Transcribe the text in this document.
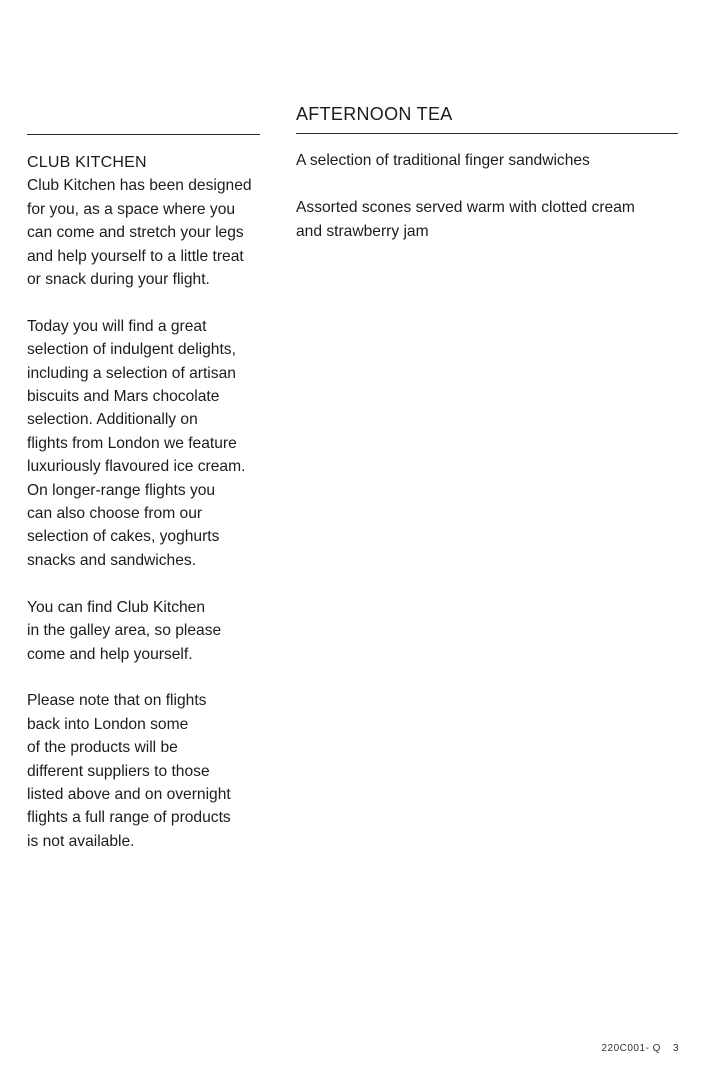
CLUB KITCHEN

Club Kitchen has been designed
for you, as a space where you
can come and stretch your legs
and help yourself to a little treat
or snack during your flight.

Today you will find a great
selection of indulgent delights,
including a selection of artisan
biscuits and Mars chocolate
selection. Additionally on
flights from London we feature
luxuriously flavoured ice cream.
On longer-range flights you
can also choose from our
selection of cakes, yoghurts
snacks and sandwiches.

You can find Club Kitchen
in the galley area, so please
come and help yourself.

Please note that on flights
back into London some
of the products will be
different suppliers to those
listed above and on overnight
flights a full range of products
is not available.

AFTERNOON TEA

A selection of traditional finger sandwiches

Assorted scones served warm with clotted cream
and strawberry jam

220C001- Q 3
